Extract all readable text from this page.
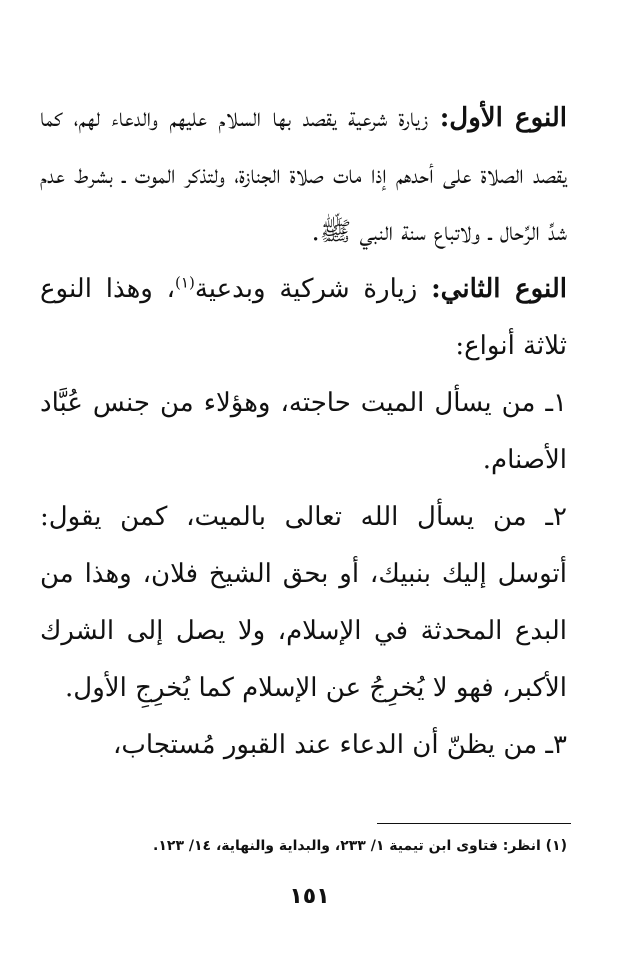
النوع الأول: زيارة شرعية يقصد بها السلام عليهم والدعاء لهم، كما يقصد الصلاة على أحدهم إذا مات صلاة الجنازة، ولتذكر الموت ـ بشرط عدم شدِّ الرِّحال ـ ولاتباع سنة النبي ﷺ.

النوع الثاني: زيارة شركية وبدعية$^{(١)}$، وهذا النوع ثلاثة أنواع:

١ـ من يسأل الميت حاجته، وهؤلاء من جنس عُبَّاد الأصنام.

٢ـ من يسأل الله تعالى بالميت، كمن يقول: أتوسل إليك بنبيك، أو بحق الشيخ فلان، وهذا من البدع المحدثة في الإسلام، ولا يصل إلى الشرك الأكبر، فهو لا يُخرِجُ عن الإسلام كما يُخرِجِ الأول.

٣ـ من يظنّ أن الدعاء عند القبور مُستجاب،

(١) انظر: فتاوى ابن تيمية ١/ ٢٣٣، والبداية والنهاية، ١٤/ ١٢٣.
١٥١
